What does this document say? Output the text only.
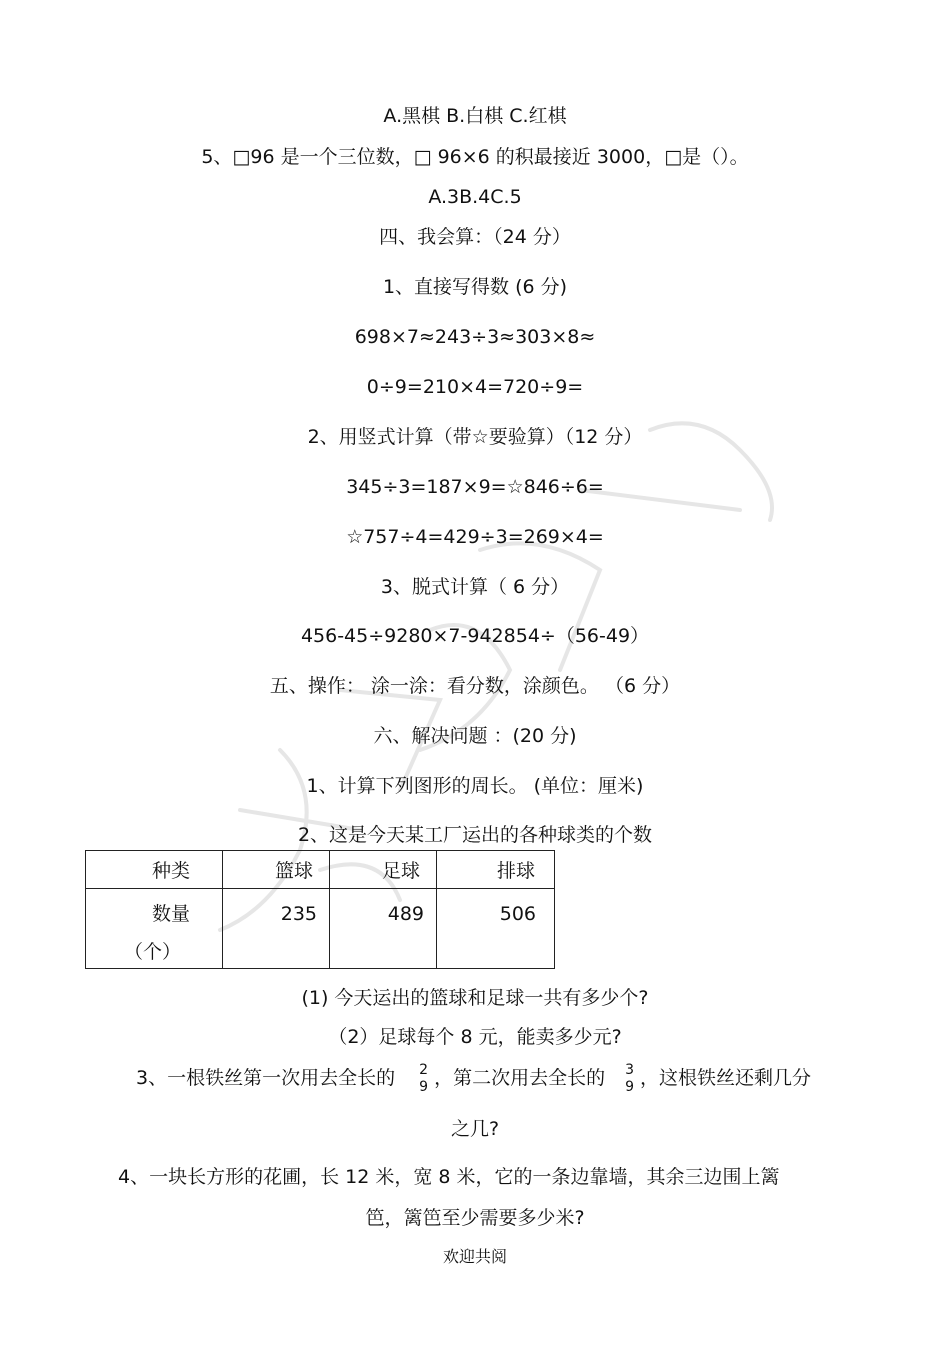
A.黑棋 B.白棋 C.红棋
5、□96 是一个三位数，□ 96×6 的积最接近 3000，□是（）。
A.3B.4C.5
四、我会算：（24 分）
1、直接写得数 (6 分)
698×7≈243÷3≈303×8≈
0÷9=210×4=720÷9=
2、用竖式计算（带☆要验算）（12 分）
345÷3=187×9=☆846÷6=
☆757÷4=429÷3=269×4=
3、脱式计算（ 6 分）
456-45÷9280×7-942854÷（56-49）
五、操作： 涂一涂：看分数，涂颜色。 （6 分）
六、解决问题 ：(20 分)
1、计算下列图形的周长。 (单位：厘米)
2、这是今天某工厂运出的各种球类的个数
种类	篮球	足球	排球

数量
（个）	235	489	506
(1) 今天运出的篮球和足球一共有多少个?
（2）足球每个 8 元，能卖多少元?
3、一根铁丝第一次用去全长的 2
9 ，第二次用去全长的 3
9 ，这根铁丝还剩几分
之几?
4、一块长方形的花圃，长 12 米，宽 8 米，它的一条边靠墙，其余三边围上篱
笆，篱笆至少需要多少米?
欢迎共阅
